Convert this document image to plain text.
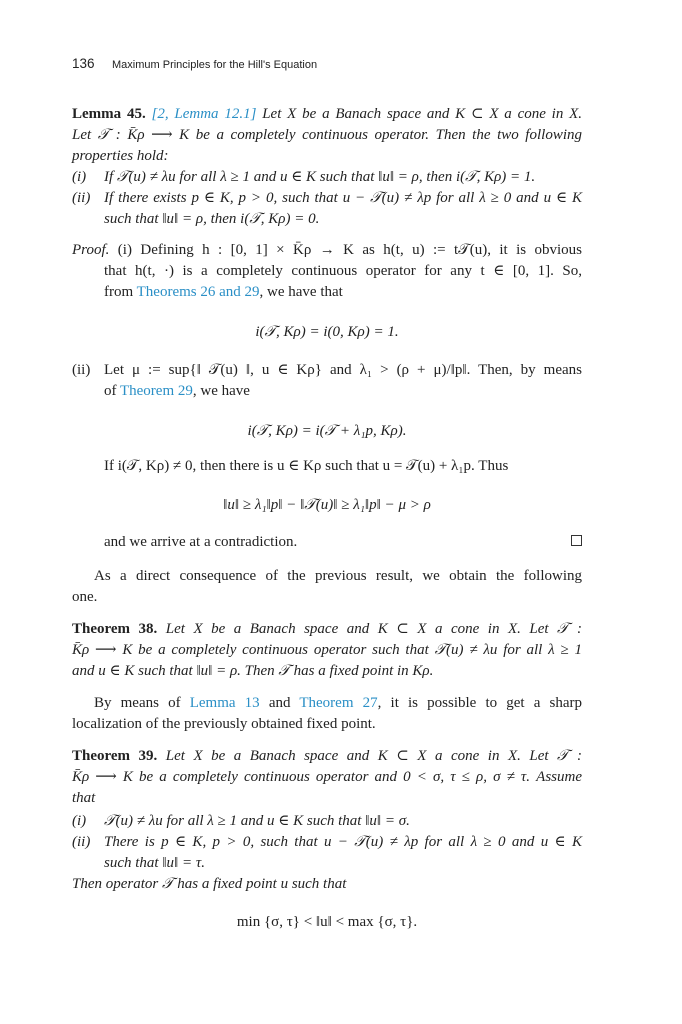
136 Maximum Principles for the Hill's Equation
Lemma 45. [2, Lemma 12.1] Let X be a Banach space and K ⊂ X a cone in X.
Let 𝒯 : K̄ρ ⟶ K be a completely continuous operator. Then the two following
properties hold:
(i) If 𝒯(u) ≠ λu for all λ ≥ 1 and u ∈ K such that ‖u‖ = ρ, then i(𝒯, Kρ) = 1.
(ii) If there exists p ∈ K, p > 0, such that u − 𝒯(u) ≠ λp for all λ ≥ 0 and u ∈ K
such that ‖u‖ = ρ, then i(𝒯, Kρ) = 0.
Proof. (i) Defining h : [0, 1] × K̄ρ → K as h(t, u) := t𝒯(u), it is obvious
that h(t, ·) is a completely continuous operator for any t ∈ [0, 1]. So,
from Theorems 26 and 29, we have that
i(𝒯, Kρ) = i(0, Kρ) = 1.
(ii) Let μ := sup{‖ 𝒯(u) ‖, u ∈ Kρ} and λ₁ > (ρ + μ)/‖p‖. Then, by means
of Theorem 29, we have
i(𝒯, Kρ) = i(𝒯 + λ₁p, Kρ).
If i(𝒯, Kρ) ≠ 0, then there is u ∈ Kρ such that u = 𝒯(u) + λ₁p. Thus
‖u‖ ≥ λ₁‖p‖ − ‖𝒯(u)‖ ≥ λ₁‖p‖ − μ > ρ
and we arrive at a contradiction.
As a direct consequence of the previous result, we obtain the following
one.
Theorem 38. Let X be a Banach space and K ⊂ X a cone in X. Let 𝒯 :
K̄ρ ⟶ K be a completely continuous operator such that 𝒯(u) ≠ λu for all λ ≥ 1
and u ∈ K such that ‖u‖ = ρ. Then 𝒯 has a fixed point in Kρ.
By means of Lemma 13 and Theorem 27, it is possible to get a sharp
localization of the previously obtained fixed point.
Theorem 39. Let X be a Banach space and K ⊂ X a cone in X. Let 𝒯 :
K̄ρ ⟶ K be a completely continuous operator and 0 < σ, τ ≤ ρ, σ ≠ τ. Assume
that
(i) 𝒯(u) ≠ λu for all λ ≥ 1 and u ∈ K such that ‖u‖ = σ.
(ii) There is p ∈ K, p > 0, such that u − 𝒯(u) ≠ λp for all λ ≥ 0 and u ∈ K
such that ‖u‖ = τ.
Then operator 𝒯 has a fixed point u such that
min {σ, τ} < ‖u‖ < max {σ, τ}.
